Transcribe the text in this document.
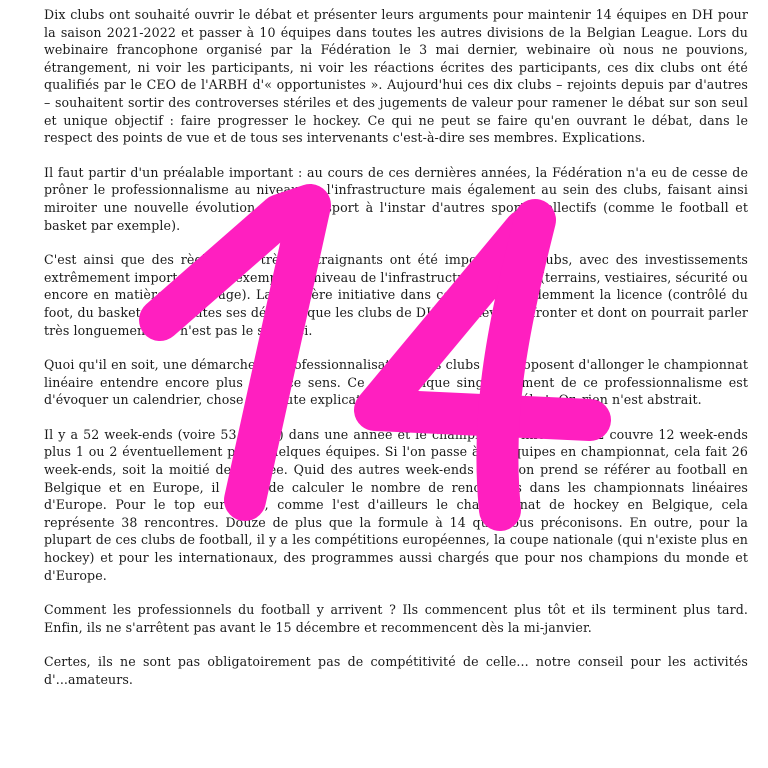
Dix clubs ont souhaité ouvrir le débat et présenter leurs arguments pour maintenir 14 équipes en DH pour la saison 2021-2022 et passer à 10 équipes dans toutes les autres divisions de la Belgian League. Lors du webinaire francophone organisé par la Fédération le 3 mai dernier, webinaire où nous ne pouvions, étrangement, ni voir les participants, ni voir les réactions écrites des participants, ces dix clubs ont été qualifiés par le CEO de l'ARBH d'« opportunistes ». Aujourd'hui ces dix clubs – rejoints depuis par d'autres – souhaitent sortir des controverses stériles et des jugements de valeur pour ramener le débat sur son seul et unique objectif : faire progresser le hockey. Ce qui ne peut se faire qu'en ouvrant le débat, dans le respect des points de vue et de tous ses intervenants c'est-à-dire ses membres. Explications.

Il faut partir d'un préalable important : au cours de ces dernières années, la Fédération n'a eu de cesse de prôner le professionnalisme au niveau de l'infrastructure mais également au sein des clubs, faisant ainsi miroiter une nouvelle évolution de notre sport à l'instar d'autres sports collectifs (comme le football et basket par exemple).

C'est ainsi que des règlements très contraignants ont été imposés aux clubs, avec des investissements extrêmement importants par exemple au niveau de l'infrastructure sportive (terrains, vestiaires, sécurité ou encore en matière d'éclairage). La dernière initiative dans ce sens est évidemment la licence (contrôlé du foot, du basket et de toutes ses dérivés) que les clubs de DH vont devoir affronter et dont on pourrait parler très longuement. Ce n'est pas le sujet ici.

Quoi qu'il en soit, une démarche de professionnalisation. Les clubs qui proposent d'allonger le championnat linéaire entendre encore plus dans ce sens. Ce qui manque singulièrement de ce professionnalisme est d'évoquer un calendrier, chose qui toute explication au refus d'ouvrir le débat. Or, rien n'est abstrait.

Il y a 52 week-ends (voire 53 ou 57) dans une année et le championnat linéaire à 12 couvre 12 week-ends plus 1 ou 2 éventuellement pour quelques équipes. Si l'on passe à 14 équipes en championnat, cela fait 26 week-ends, soit la moitié de l'année. Quid des autres week-ends ? Si l'on prend se référer au football en Belgique et en Europe, il suffit de calculer le nombre de rencontres dans les championnats linéaires d'Europe. Pour le top européen, comme l'est d'ailleurs le championnat de hockey en Belgique, cela représente 38 rencontres. Douze de plus que la formule à 14 que nous préconisons. En outre, pour la plupart de ces clubs de football, il y a les compétitions européennes, la coupe nationale (qui n'existe plus en hockey) et pour les internationaux, des programmes aussi chargés que pour nos champions du monde et d'Europe.

Comment les professionnels du football y arrivent ? Ils commencent plus tôt et ils terminent plus tard. Enfin, ils ne s'arrêtent pas avant le 15 décembre et recommencent dès la mi-janvier.

Certes, ils ne sont pas obligatoirement pas de compétitivité de celle... notre conseil pour les activités d'...amateurs.
